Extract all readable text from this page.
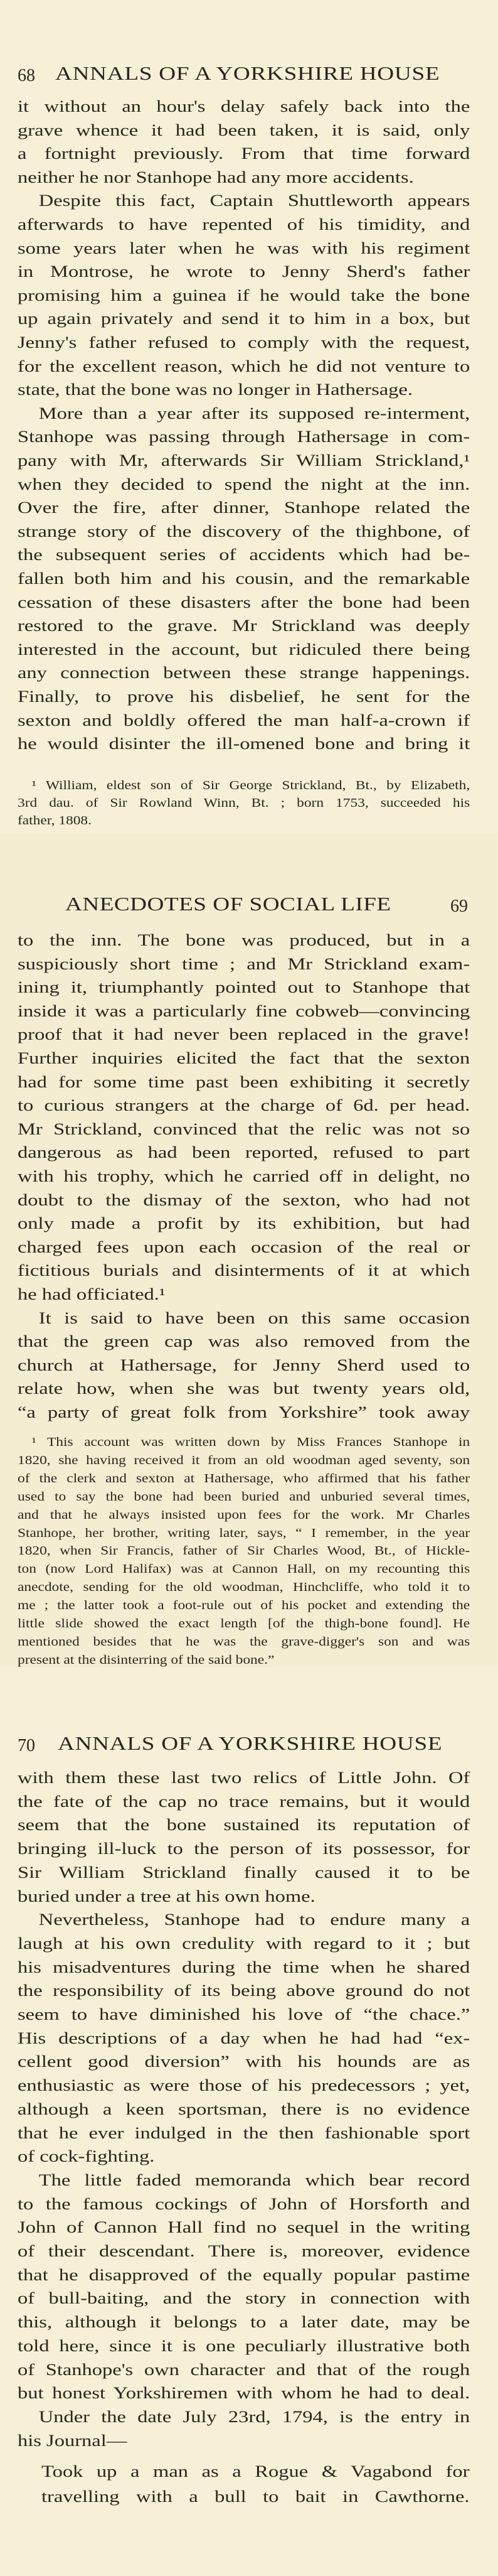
68 ANNALS OF A YORKSHIRE HOUSE
it without an hour's delay safely back into the
grave whence it had been taken, it is said, only
a fortnight previously. From that time forward
neither he nor Stanhope had any more accidents.
Despite this fact, Captain Shuttleworth appears
afterwards to have repented of his timidity, and
some years later when he was with his regiment
in Montrose, he wrote to Jenny Sherd's father
promising him a guinea if he would take the bone
up again privately and send it to him in a box, but
Jenny's father refused to comply with the request,
for the excellent reason, which he did not venture to
state, that the bone was no longer in Hathersage.
More than a year after its supposed re-interment,
Stanhope was passing through Hathersage in com-
pany with Mr, afterwards Sir William Strickland,¹
when they decided to spend the night at the inn.
Over the fire, after dinner, Stanhope related the
strange story of the discovery of the thighbone, of
the subsequent series of accidents which had be-
fallen both him and his cousin, and the remarkable
cessation of these disasters after the bone had been
restored to the grave. Mr Strickland was deeply
interested in the account, but ridiculed there being
any connection between these strange happenings.
Finally, to prove his disbelief, he sent for the
sexton and boldly offered the man half-a-crown if
he would disinter the ill-omened bone and bring it
¹ William, eldest son of Sir George Strickland, Bt., by Elizabeth,
3rd dau. of Sir Rowland Winn, Bt. ; born 1753, succeeded his
father, 1808.
ANECDOTES OF SOCIAL LIFE	69
to the inn. The bone was produced, but in a
suspiciously short time ; and Mr Strickland exam-
ining it, triumphantly pointed out to Stanhope that
inside it was a particularly fine cobweb—convincing
proof that it had never been replaced in the grave!
Further inquiries elicited the fact that the sexton
had for some time past been exhibiting it secretly
to curious strangers at the charge of 6d. per head.
Mr Strickland, convinced that the relic was not so
dangerous as had been reported, refused to part
with his trophy, which he carried off in delight, no
doubt to the dismay of the sexton, who had not
only made a profit by its exhibition, but had
charged fees upon each occasion of the real or
fictitious burials and disinterments of it at which
he had officiated.¹
It is said to have been on this same occasion
that the green cap was also removed from the
church at Hathersage, for Jenny Sherd used to
relate how, when she was but twenty years old,
“a party of great folk from Yorkshire” took away
¹ This account was written down by Miss Frances Stanhope in
1820, she having received it from an old woodman aged seventy, son
of the clerk and sexton at Hathersage, who affirmed that his father
used to say the bone had been buried and unburied several times,
and that he always insisted upon fees for the work. Mr Charles
Stanhope, her brother, writing later, says, “ I remember, in the year
1820, when Sir Francis, father of Sir Charles Wood, Bt., of Hickle-
ton (now Lord Halifax) was at Cannon Hall, on my recounting this
anecdote, sending for the old woodman, Hinchcliffe, who told it to
me ; the latter took a foot-rule out of his pocket and extending the
little slide showed the exact length [of the thigh-bone found]. He
mentioned besides that he was the grave-digger's son and was
present at the disinterring of the said bone.”
70 ANNALS OF A YORKSHIRE HOUSE
with them these last two relics of Little John. Of
the fate of the cap no trace remains, but it would
seem that the bone sustained its reputation of
bringing ill-luck to the person of its possessor, for
Sir William Strickland finally caused it to be
buried under a tree at his own home.
Nevertheless, Stanhope had to endure many a
laugh at his own credulity with regard to it ; but
his misadventures during the time when he shared
the responsibility of its being above ground do not
seem to have diminished his love of “the chace.”
His descriptions of a day when he had had “ex-
cellent good diversion” with his hounds are as
enthusiastic as were those of his predecessors ; yet,
although a keen sportsman, there is no evidence
that he ever indulged in the then fashionable sport
of cock-fighting.
The little faded memoranda which bear record
to the famous cockings of John of Horsforth and
John of Cannon Hall find no sequel in the writing
of their descendant. There is, moreover, evidence
that he disapproved of the equally popular pastime
of bull-baiting, and the story in connection with
this, although it belongs to a later date, may be
told here, since it is one peculiarly illustrative both
of Stanhope's own character and that of the rough
but honest Yorkshiremen with whom he had to deal.
Under the date July 23rd, 1794, is the entry in
his Journal—
Took up a man as a Rogue & Vagabond for
travelling with a bull to bait in Cawthorne.
